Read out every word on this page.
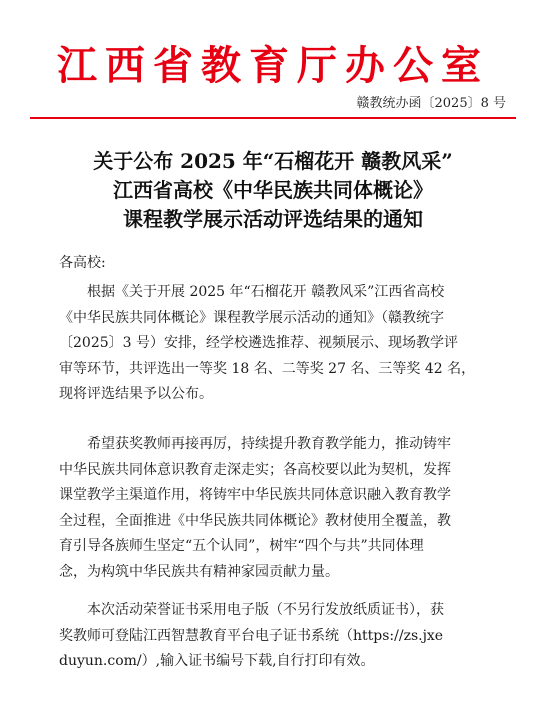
江西省教育厅办公室
赣教统办函〔2025〕8 号
关于公布 2025 年“石榴花开 赣教风采”
江西省高校《中华民族共同体概论》
课程教学展示活动评选结果的通知
各高校:
根据《关于开展 2025 年“石榴花开 赣教风采”江西省高校
《中华民族共同体概论》课程教学展示活动的通知》（赣教统字
〔2025〕3 号）安排，经学校遴选推荐、视频展示、现场教学评
审等环节，共评选出一等奖 18 名、二等奖 27 名、三等奖 42 名，
现将评选结果予以公布。
希望获奖教师再接再厉，持续提升教育教学能力，推动铸牢
中华民族共同体意识教育走深走实；各高校要以此为契机，发挥
课堂教学主渠道作用，将铸牢中华民族共同体意识融入教育教学
全过程，全面推进《中华民族共同体概论》教材使用全覆盖，教
育引导各族师生坚定“五个认同”，树牢“四个与共”共同体理
念，为构筑中华民族共有精神家园贡献力量。
本次活动荣誉证书采用电子版（不另行发放纸质证书），获
奖教师可登陆江西智慧教育平台电子证书系统（https://zs.jxe
duyun.com/）,输入证书编号下载,自行打印有效。
